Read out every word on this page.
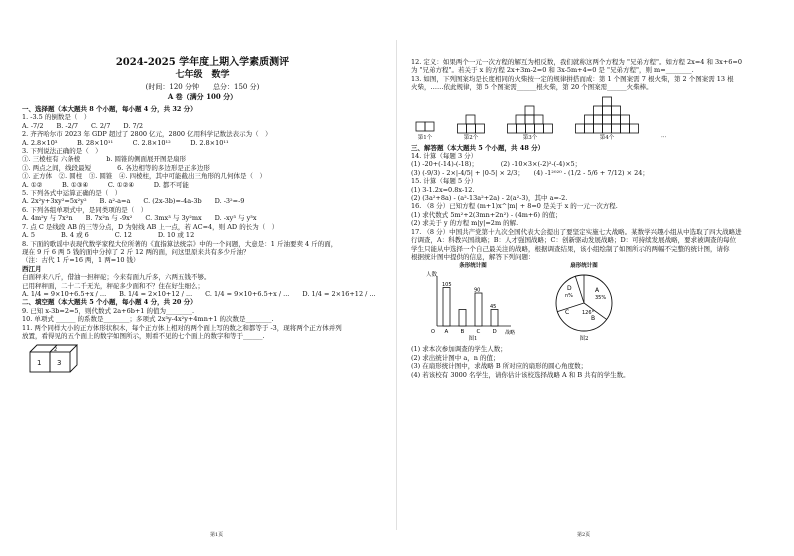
2024-2025 学年度上期入学素质测评
七年级　数学
(时间：120 分钟　　总分：150 分)
A 卷（满分 100 分）
一、选择题（本大题共 8 个小题，每小题 4 分，共 32 分）
1. -3.5 的倒数是（　）
A. -7/2　　B. -2/7　　C. 2/7　　D. 7/2
2. 齐齐哈尔市 2023 年 GDP 超过了 2800 亿元，2800 亿用科学记数法表示为（　）
A. 2.8×10³　　　B. 28×10¹¹　　　C. 2.8×10¹²　　　D. 2.8×10¹¹
3. 下列说法正确的是（　）
①. 三棱柱有 六条棱　　　　b. 圆锥的侧面展开图是扇形
①. 两点之间，线段最短　　　　6. 各边相等的多边形是正多边形
①. 正方体　②. 圆柱　③. 圆锥　④. 四棱柱，其中可能截出三角形的几何体是（　）
A. ①②　　　B. ①③④　　　C. ①②④　　　D. 都不可能
5. 下列各式中运算正确的是（　）
A. 2x²y+3xy²=5x²y²　　B. a²-a=a　　C. (2x-3b)=-4a-3b　　D. -3²=-9
6. 下列各组单项式中，是同类项的是（　）
A. 4m²y 与 7x²n　　B. 7x²n 与 -9x²　　C. 3mx³ 与 3y²mx　　D. -xy³ 与 y³x
7. 点 C 是线段 AB 的三等分点，D 为射线 AB 上一点，若 AC=4，则 AD 的长为（　）
A. 5　　　　B. 4 或 6　　　　C. 12　　　　D. 10 或 12
8. 下面的歌谣中表现代数学家程大位所著的《直指算法统宗》中的一个问题，大意是：1 斤油要卖 4 斤的面，
现在 9 斤 6 两 5 钱的面中分掉了 2 斤 12 两的面，问这里原来共有多少斤油？
（注：古代 1 斤=16 两，1 两=10 钱）
西江月
白面秤来八斤，借油一担秤砣；今来有面九斤多，六两五钱不够。
已用秤秤面，二十二千无光，秤砣多少面和不？住在好生细么；
A. 1/4 = 9×10+6.5+x / ...　　B. 1/4 = 2×10+12 / ...　　C. 1/4 = 9×10+6.5+x / ...　　D. 1/4 = 2×16+12 / ...
二、填空题（本大题共 5 个小题，每小题 4 分，共 20 分）
9. 已知 x-3b=2=5，则代数式 2a+6b+1 的值为________.
10. 单项式 ______ 的系数是________；多项式 2x³y-4x²y+4mn+1 的次数是________.
11. 两个同样大小的正方体形状积木，每个正方体上相对的两个面上写的数之和都等于 -3，现将两个正方体并列
放置，看得见的五个面上的数字如图所示，则看不见的七个面上的数字和等于______.
1 3
2
第1页
12. 定义：如果两个一元一次方程的解互为相反数，我们就称这两个方程为 "兄弟方程"。如方程 2x=4 和 3x+6=0
为 "兄弟方程"。若关于 x 的方程 2x+3m-2=0 和 3x-5m+4=0 是 "兄弟方程"，则 m=________.
13. 如图，下列图案均是长度相同的火柴按一定的规律拼搭而成：第 1 个图案需 7 根火柴，第 2 个图案需 13 根
火柴，……依此规律，第 5 个图案需______根火柴，第 20 个图案需______火柴棒。
第1个	第2个	第3个	第4个	···
三、解答题（本大题共 5 个小题，共 48 分）
14. 计算（每题 3 分）
(1) -20+(-14)-(-18)；　　　　(2) -10×3×(-2)²-(-4)×5；
(3) (-9/3) - 2×|-4/5| + |0-5| × 2/3；　　(4) -1²⁰²⁰ - (1/2 - 5/6 + 7/12) × 24；
15. 计算（每题 5 分）
(1) 3-1.2x=0.8x-12.
(2) (3a²+8a) - (a²-13a²+2a) - 2(a²-3)，其中 a=-2.
16. （8 分）已知方程 (m+1)x^|m| + 8=0 是关于 x 的一元一次方程.
(1) 求代数式 5m²+2(3mn+2n²) - (4m+6) 的值；
(2) 求关于 y 的方程 m|y|=2m 的解.
17. （8 分）中国共产党第十九次全国代表大会提出了要坚定实施七大战略。某数学兴趣小组从中选取了四大战略进
行调查，A：科教兴国战略；B：人才强国战略；C：创新驱动发展战略；D：可持续发展战略，要求被调查的每位
学生只能从中选择一个自己最关注的战略，根据调查结果，该小组绘制了如图所示的两幅不完整的统计图，请你
根据统计图中提供的信息，解答下列问题：
条形统计图
人数
战略
A
105
B C
90
D
45
O
图1
扇形统计图
A
B
C
D
35%
126°
n%
图2
(1) 求本次参加调查的学生人数；
(2) 求出统计图中 a，n 的值；
(3) 在扇形统计图中，求战略 B 所对应的扇形的圆心角度数；
(4) 若该校有 3000 名学生，请你估计该校选择战略 A 和 B 共有的学生数。
第2页
